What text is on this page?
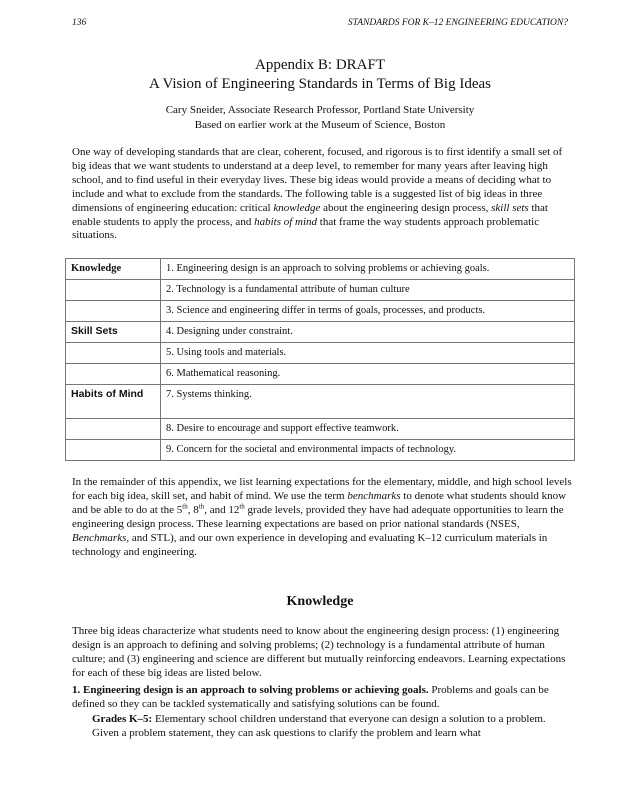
136	STANDARDS FOR K–12 ENGINEERING EDUCATION?
Appendix B: DRAFT
A Vision of Engineering Standards in Terms of Big Ideas
Cary Sneider, Associate Research Professor, Portland State University
Based on earlier work at the Museum of Science, Boston

One way of developing standards that are clear, coherent, focused, and rigorous is to first identify a small set of big ideas that we want students to understand at a deep level, to remember for many years after leaving high school, and to find useful in their everyday lives. These big ideas would provide a means of deciding what to include and what to exclude from the standards. The following table is a suggested list of big ideas in three dimensions of engineering education: critical knowledge about the engineering design process, skill sets that enable students to apply the process, and habits of mind that frame the way students approach problematic situations.

Knowledge	1. Engineering design is an approach to solving problems or achieving goals.
	2. Technology is a fundamental attribute of human culture
	3. Science and engineering differ in terms of goals, processes, and products.
Skill Sets	4. Designing under constraint.
	5. Using tools and materials.
	6. Mathematical reasoning.
Habits of Mind	7. Systems thinking.
	8. Desire to encourage and support effective teamwork.
	9. Concern for the societal and environmental impacts of technology.

In the remainder of this appendix, we list learning expectations for the elementary, middle, and high school levels for each big idea, skill set, and habit of mind. We use the term benchmarks to denote what students should know and be able to do at the 5th, 8th, and 12th grade levels, provided they have had adequate opportunities to learn the engineering design process. These learning expectations are based on prior national standards (NSES, Benchmarks, and STL), and our own experience in developing and evaluating K–12 curriculum materials in technology and engineering.

Knowledge

Three big ideas characterize what students need to know about the engineering design process: (1) engineering design is an approach to defining and solving problems; (2) technology is a fundamental attribute of human culture; and (3) engineering and science are different but mutually reinforcing endeavors. Learning expectations for each of these big ideas are listed below.

1. Engineering design is an approach to solving problems or achieving goals. Problems and goals can be defined so they can be tackled systematically and satisfying solutions can be found.

Grades K–5: Elementary school children understand that everyone can design a solution to a problem. Given a problem statement, they can ask questions to clarify the problem and learn what
